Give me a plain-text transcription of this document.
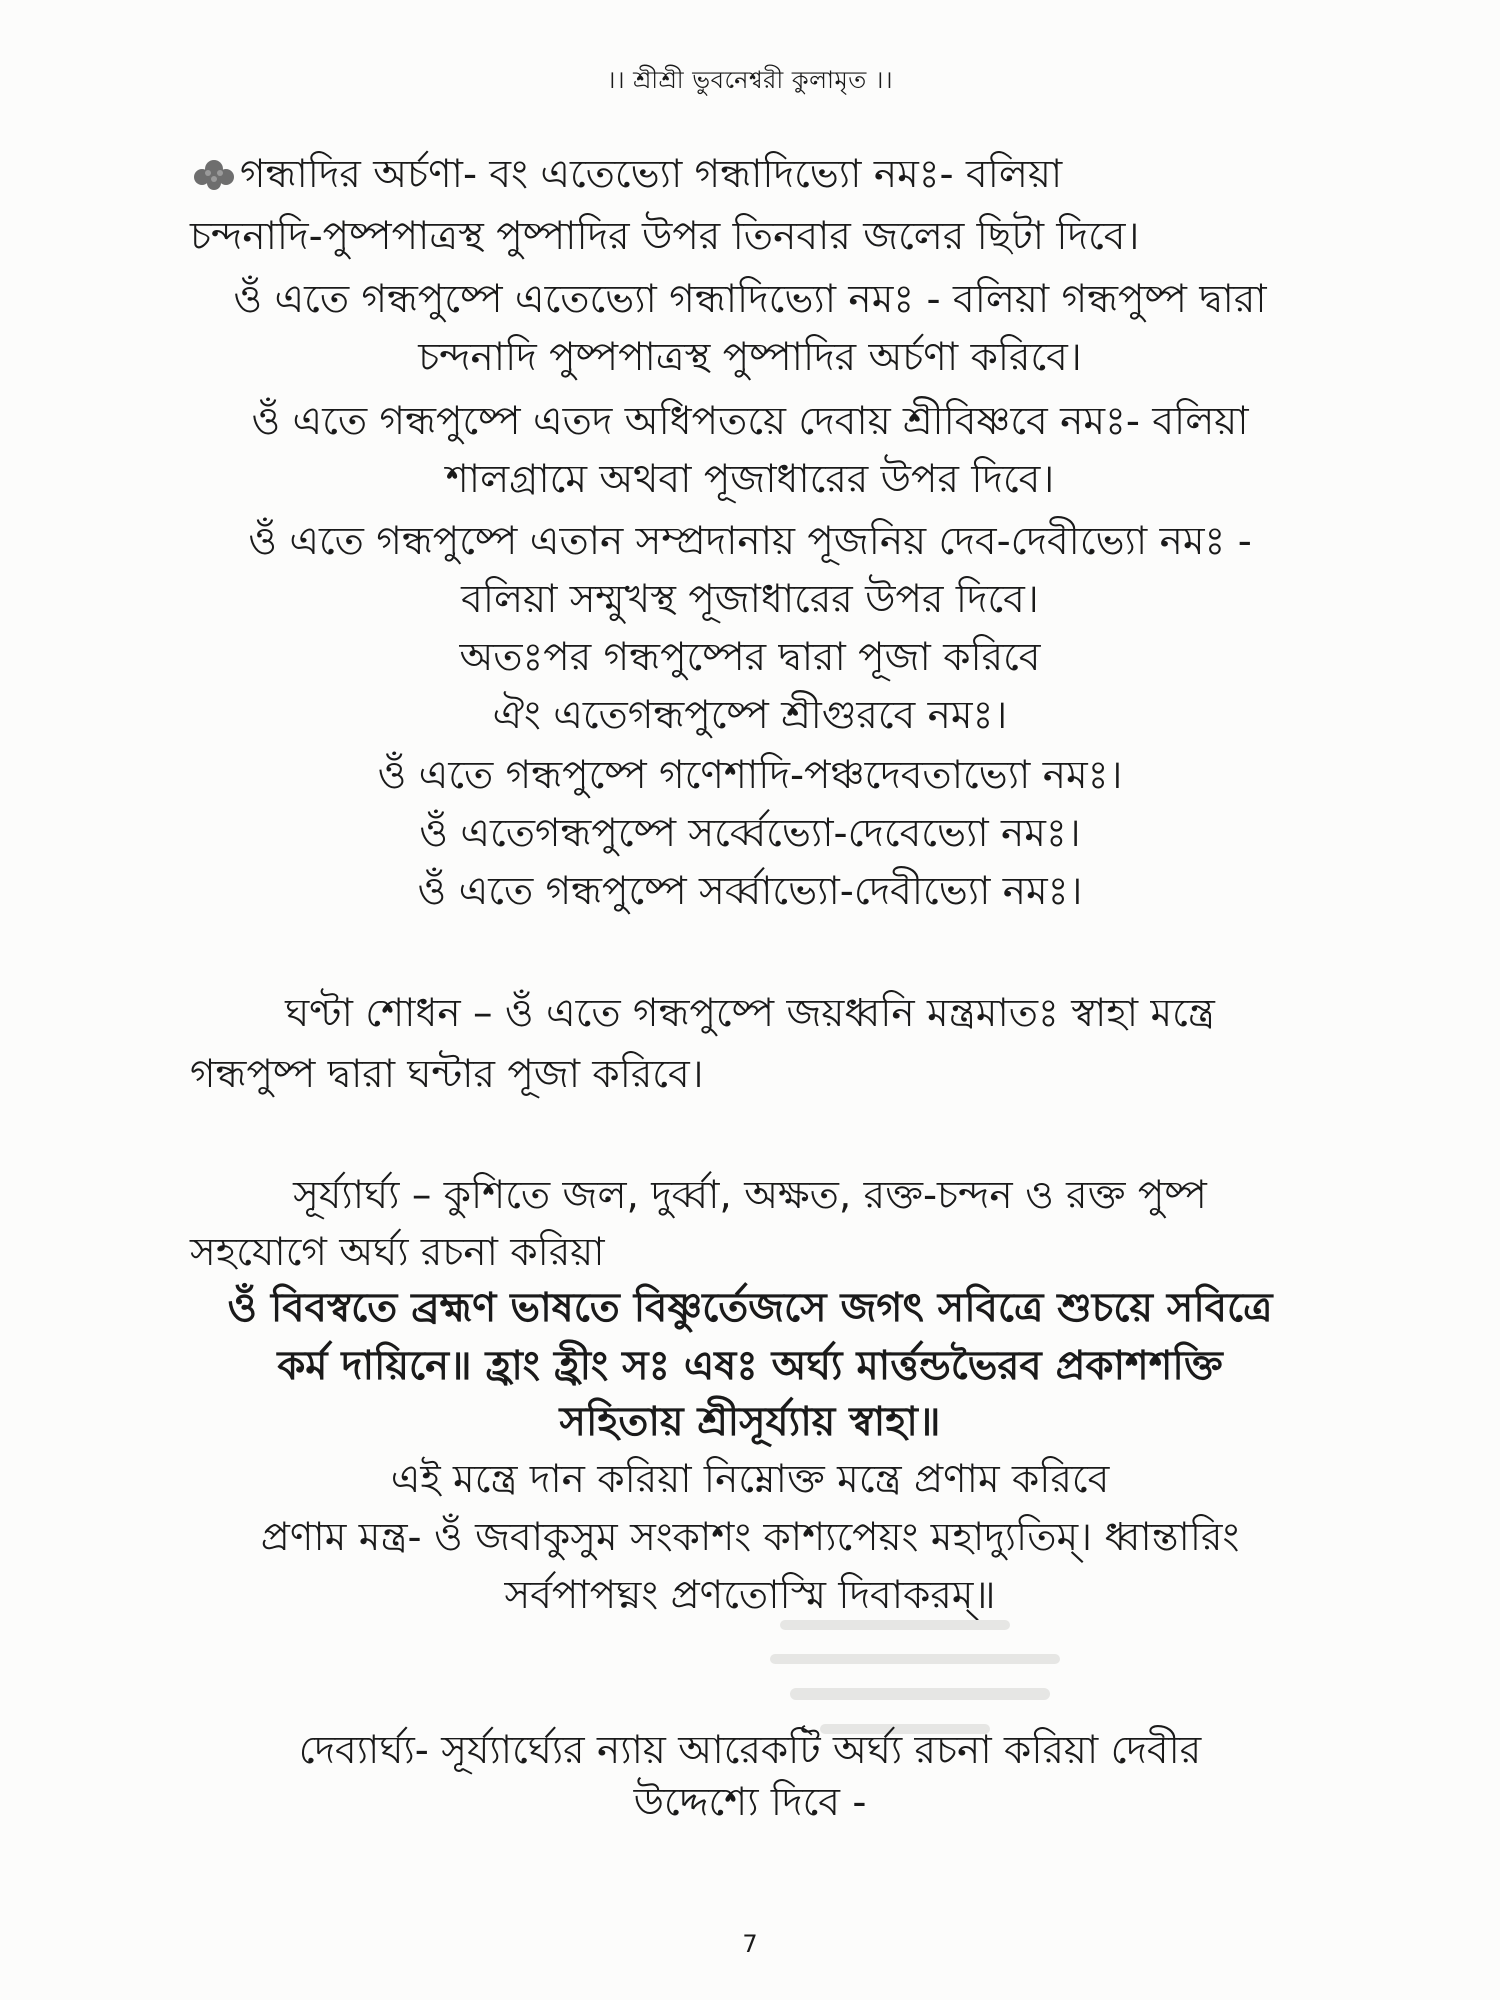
।। শ্রীশ্রী ভুবনেশ্বরী কুলামৃত ।।
গন্ধাদির অর্চণা- বং এতেভ্যো গন্ধাদিভ্যো নমঃ- বলিয়া
চন্দনাদি-পুষ্পপাত্রস্থ পুষ্পাদির উপর তিনবার জলের ছিটা দিবে।
ওঁ এতে গন্ধপুষ্পে এতেভ্যো গন্ধাদিভ্যো নমঃ - বলিয়া গন্ধপুষ্প দ্বারা
চন্দনাদি পুষ্পপাত্রস্থ পুষ্পাদির অর্চণা করিবে।
ওঁ এতে গন্ধপুষ্পে এতদ অধিপতয়ে দেবায় শ্রীবিষ্ণবে নমঃ- বলিয়া
শালগ্রামে অথবা পূজাধারের উপর দিবে।
ওঁ এতে গন্ধপুষ্পে এতান সম্প্রদানায় পূজনিয় দেব-দেবীভ্যো নমঃ -
বলিয়া সম্মুখস্থ পূজাধারের উপর দিবে।
অতঃপর গন্ধপুষ্পের দ্বারা পূজা করিবে
ঐং এতেগন্ধপুষ্পে শ্রীগুরবে নমঃ।
ওঁ এতে গন্ধপুষ্পে গণেশাদি-পঞ্চদেবতাভ্যো নমঃ।
ওঁ এতেগন্ধপুষ্পে সর্ব্বেভ্যো-দেবেভ্যো নমঃ।
ওঁ এতে গন্ধপুষ্পে সর্ব্বাভ্যো-দেবীভ্যো নমঃ।
ঘণ্টা শোধন – ওঁ এতে গন্ধপুষ্পে জয়ধ্বনি মন্ত্রমাতঃ স্বাহা মন্ত্রে
গন্ধপুষ্প দ্বারা ঘন্টার পূজা করিবে।
সূর্য্যার্ঘ্য – কুশিতে জল, দুর্ব্বা, অক্ষত, রক্ত-চন্দন ও রক্ত পুষ্প
সহযোগে অর্ঘ্য রচনা করিয়া
ওঁ বিবস্বতে ব্রহ্মণ ভাষতে বিষ্ণুর্তেজসে জগৎ সবিত্রে শুচয়ে সবিত্রে
কর্ম দায়িনে॥ হ্রাং হ্রীং সঃ এষঃ অর্ঘ্য মার্ত্তন্ডভৈরব প্রকাশশক্তি
সহিতায় শ্রীসূর্য্যায় স্বাহা॥
এই মন্ত্রে দান করিয়া নিম্নোক্ত মন্ত্রে প্রণাম করিবে
প্রণাম মন্ত্র- ওঁ জবাকুসুম সংকাশং কাশ্যপেয়ং মহাদ্যুতিম্। ধ্বান্তারিং
সর্বপাপঘ্নং প্রণতোস্মি দিবাকরম্॥
দেব্যার্ঘ্য- সূর্য্যার্ঘ্যের ন্যায় আরেকটি অর্ঘ্য রচনা করিয়া দেবীর
উদ্দেশ্যে দিবে -
7
